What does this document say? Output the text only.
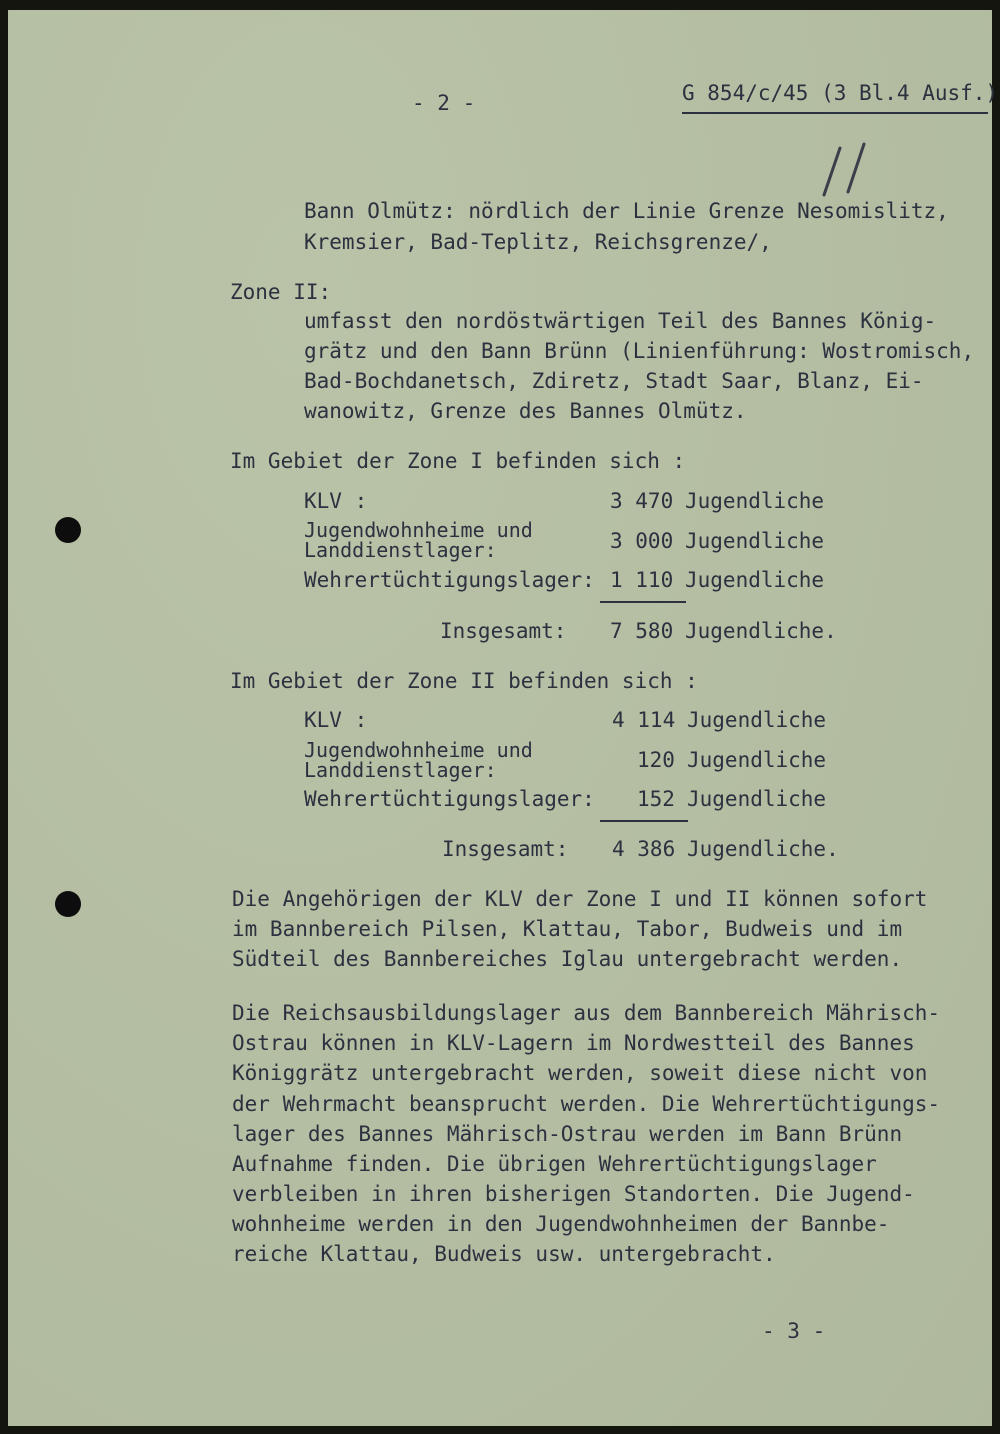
- 2 -	G 854/c/45 (3 Bl.4 Ausf.)
Bann Olmütz: nördlich der Linie Grenze Nesomislitz,
Kremsier, Bad-Teplitz, Reichsgrenze/,
Zone II:
umfasst den nordöstwärtigen Teil des Bannes König-
grätz und den Bann Brünn (Linienführung: Wostromisch,
Bad-Bochdanetsch, Zdiretz, Stadt Saar, Blanz, Ei-
wanowitz, Grenze des Bannes Olmütz.
Im Gebiet der Zone I befinden sich :
KLV :	3 470 Jugendliche
Jugendwohnheime und
Landdienstlager:	3 000 Jugendliche
Wehrertüchtigungslager: 1 110 Jugendliche
Insgesamt: 7 580 Jugendliche.
Im Gebiet der Zone II befinden sich :
KLV :	4 114 Jugendliche
Jugendwohnheime und
Landdienstlager:	120 Jugendliche
Wehrertüchtigungslager: 152 Jugendliche
Insgesamt: 4 386 Jugendliche.
Die Angehörigen der KLV der Zone I und II können sofort
im Bannbereich Pilsen, Klattau, Tabor, Budweis und im
Südteil des Bannbereiches Iglau untergebracht werden.
Die Reichsausbildungslager aus dem Bannbereich Mährisch-
Ostrau können in KLV-Lagern im Nordwestteil des Bannes
Königgrätz untergebracht werden, soweit diese nicht von
der Wehrmacht beansprucht werden. Die Wehrertüchtigungs-
lager des Bannes Mährisch-Ostrau werden im Bann Brünn
Aufnahme finden. Die übrigen Wehrertüchtigungslager
verbleiben in ihren bisherigen Standorten. Die Jugend-
wohnheime werden in den Jugendwohnheimen der Bannbe-
reiche Klattau, Budweis usw. untergebracht.
- 3 -
